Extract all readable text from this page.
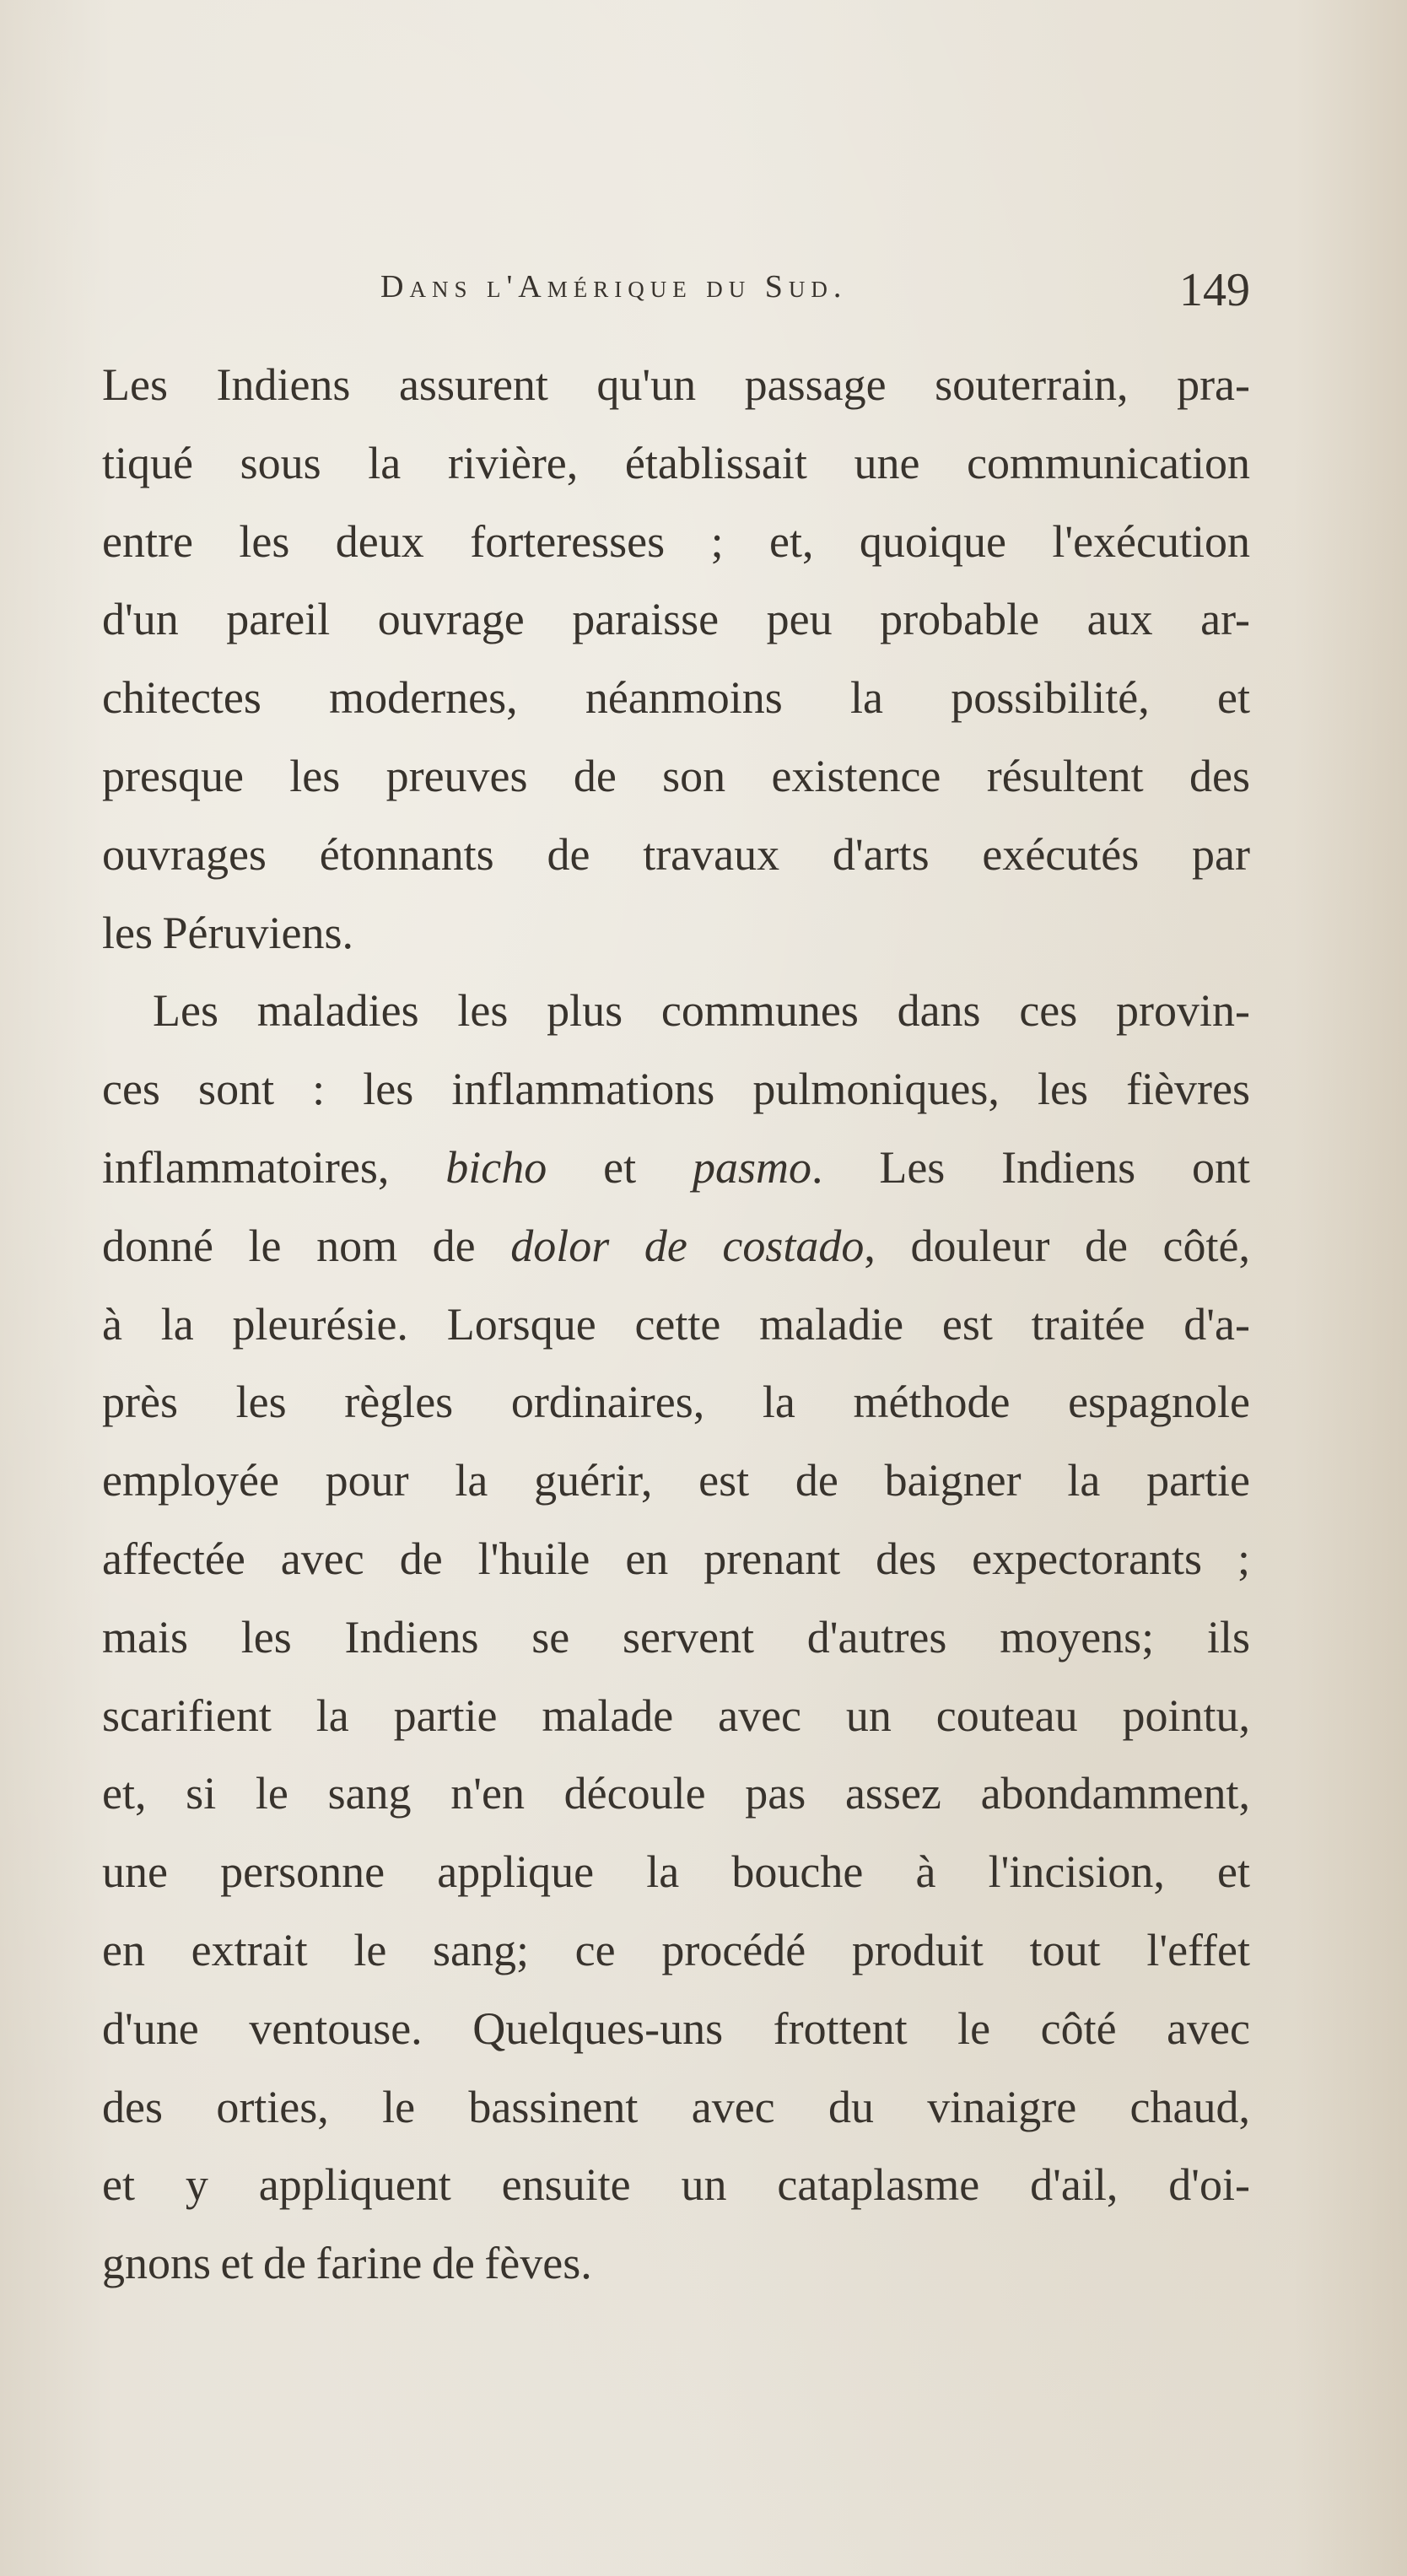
Dans l'Amérique du Sud.	149
Les Indiens assurent qu'un passage souterrain, pra-
tiqué sous la rivière, établissait une communication
entre les deux forteresses ; et, quoique l'exécution
d'un pareil ouvrage paraisse peu probable aux ar-
chitectes modernes, néanmoins la possibilité, et
presque les preuves de son existence résultent des
ouvrages étonnants de travaux d'arts exécutés par
les Péruviens.
Les maladies les plus communes dans ces provin-
ces sont : les inflammations pulmoniques, les fièvres
inflammatoires, bicho et pasmo. Les Indiens ont
donné le nom de dolor de costado, douleur de côté,
à la pleurésie. Lorsque cette maladie est traitée d'a-
près les règles ordinaires, la méthode espagnole
employée pour la guérir, est de baigner la partie
affectée avec de l'huile en prenant des expectorants ;
mais les Indiens se servent d'autres moyens; ils
scarifient la partie malade avec un couteau pointu,
et, si le sang n'en découle pas assez abondamment,
une personne applique la bouche à l'incision, et
en extrait le sang; ce procédé produit tout l'effet
d'une ventouse. Quelques-uns frottent le côté avec
des orties, le bassinent avec du vinaigre chaud,
et y appliquent ensuite un cataplasme d'ail, d'oi-
gnons et de farine de fèves.
